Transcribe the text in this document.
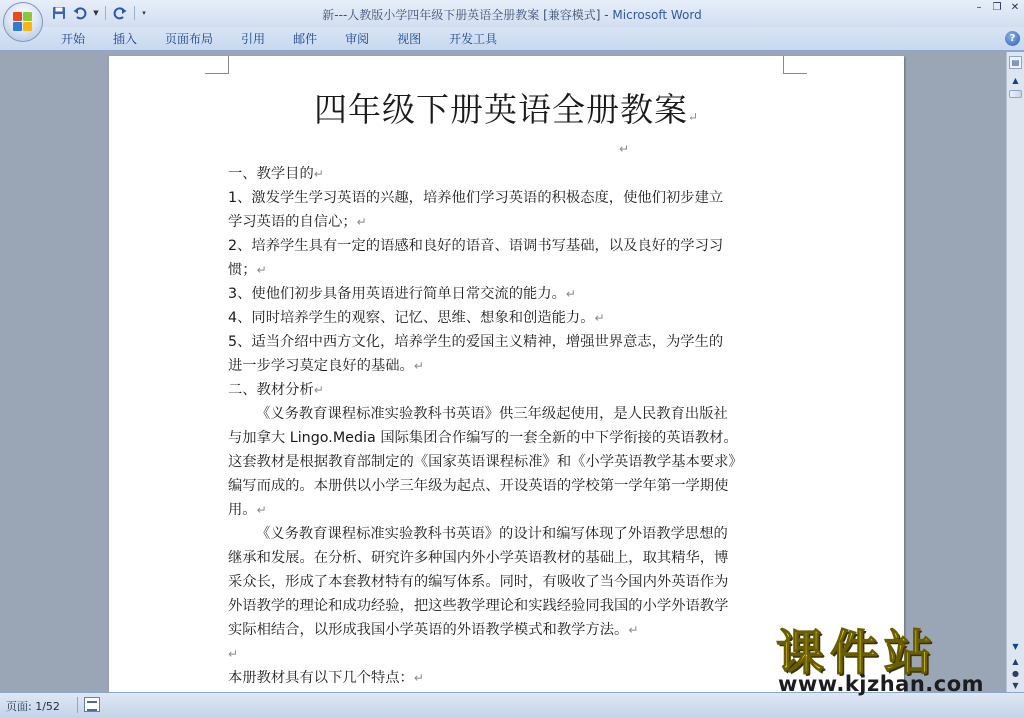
▼	▾	新---人教版小学四年级下册英语全册教案 [兼容模式] - Microsoft Word
–	❐ ✕
开始	插入	页面布局	引用	邮件	审阅	视图	开发工具	?
四年级下册英语全册教案↵
↵

一、教学目的↵

1、激发学生学习英语的兴趣，培养他们学习英语的积极态度，使他们初步建立

学习英语的自信心；↵

2、培养学生具有一定的语感和良好的语音、语调书写基础，以及良好的学习习

惯；↵

3、使他们初步具备用英语进行简单日常交流的能力。↵

4、同时培养学生的观察、记忆、思维、想象和创造能力。↵

5、适当介绍中西方文化，培养学生的爱国主义精神，增强世界意志，为学生的

进一步学习莫定良好的基础。↵

二、教材分析↵

《义务教育课程标准实验教科书英语》供三年级起使用，是人民教育出版社

与加拿大 Lingo.Media 国际集团合作编写的一套全新的中下学衔接的英语教材。

这套教材是根据教育部制定的《国家英语课程标准》和《小学英语教学基本要求》

编写而成的。本册供以小学三年级为起点、开设英语的学校第一学年第一学期使

用。↵

《义务教育课程标准实验教科书英语》的设计和编写体现了外语教学思想的

继承和发展。在分析、研究许多种国内外小学英语教材的基础上，取其精华，博

采众长，形成了本套教材特有的编写体系。同时，有吸收了当今国内外英语作为

外语教学的理论和成功经验，把这些教学理论和实践经验同我国的小学外语教学

实际相结合，以形成我国小学英语的外语教学模式和教学方法。↵

↵

本册教材具有以下几个特点：↵

▤
▲
▼
▲
●
▼
页面: 1/52
课件站
www.kjzhan.com
